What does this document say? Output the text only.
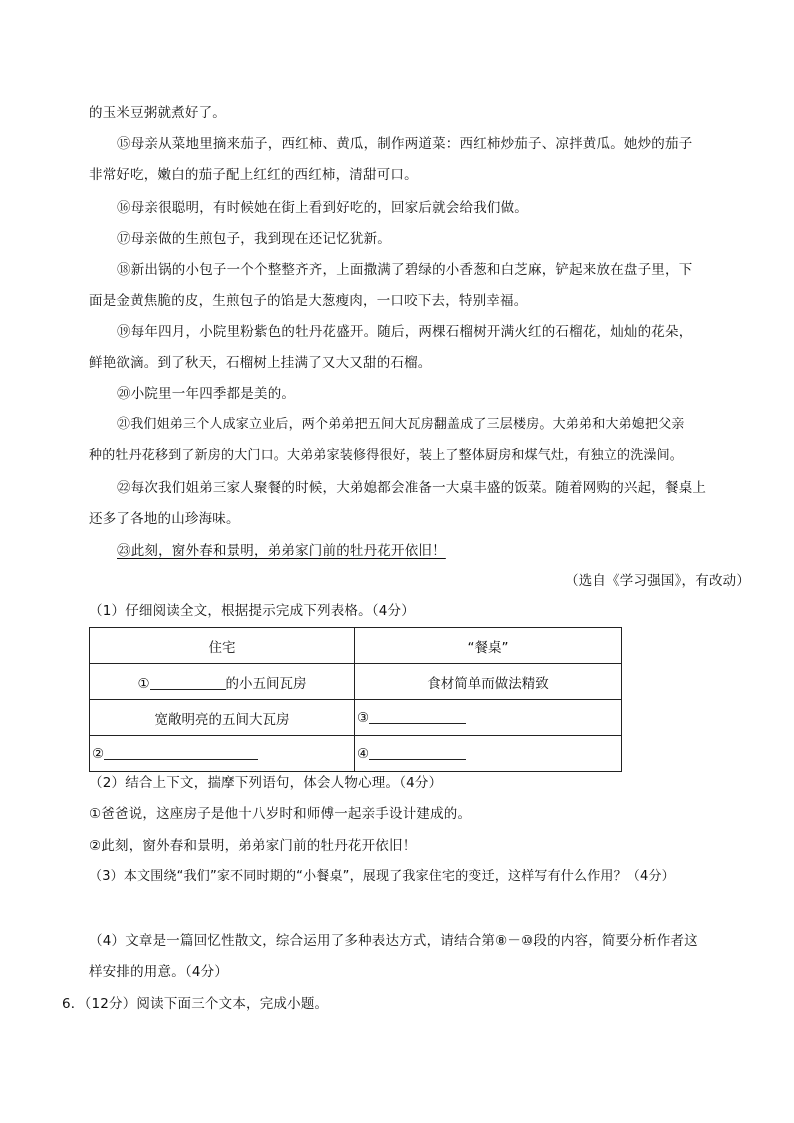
的玉米豆粥就煮好了。
⑮母亲从菜地里摘来茄子，西红柿、黄瓜，制作两道菜：西红柿炒茄子、凉拌黄瓜。她炒的茄子
非常好吃，嫩白的茄子配上红红的西红柿，清甜可口。
⑯母亲很聪明，有时候她在街上看到好吃的，回家后就会给我们做。
⑰母亲做的生煎包子，我到现在还记忆犹新。
⑱新出锅的小包子一个个整整齐齐，上面撒满了碧绿的小香葱和白芝麻，铲起来放在盘子里，下
面是金黄焦脆的皮，生煎包子的馅是大葱瘦肉，一口咬下去，特别幸福。
⑲每年四月，小院里粉紫色的牡丹花盛开。随后，两棵石榴树开满火红的石榴花，灿灿的花朵，
鲜艳欲滴。到了秋天，石榴树上挂满了又大又甜的石榴。
⑳小院里一年四季都是美的。
㉑我们姐弟三个人成家立业后，两个弟弟把五间大瓦房翻盖成了三层楼房。大弟弟和大弟媳把父亲
种的牡丹花移到了新房的大门口。大弟弟家装修得很好，装上了整体厨房和煤气灶，有独立的洗澡间。
㉒每次我们姐弟三家人聚餐的时候，大弟媳都会准备一大桌丰盛的饭菜。随着网购的兴起，餐桌上
还多了各地的山珍海味。
㉓此刻，窗外春和景明，弟弟家门前的牡丹花开依旧！
（选自《学习强国》，有改动）
（1）仔细阅读全文，根据提示完成下列表格。（4分）
住宅	“餐桌”
① 的小五间瓦房	食材简单而做法精致
宽敞明亮的五间大瓦房	③
②	④
（2）结合上下文，揣摩下列语句，体会人物心理。（4分）
①爸爸说，这座房子是他十八岁时和师傅一起亲手设计建成的。
②此刻，窗外春和景明，弟弟家门前的牡丹花开依旧！
（3）本文围绕“我们”家不同时期的“小餐桌”，展现了我家住宅的变迁，这样写有什么作用？（4分）
（4）文章是一篇回忆性散文，综合运用了多种表达方式，请结合第⑧－⑩段的内容，简要分析作者这
样安排的用意。（4分）
6．（12分）阅读下面三个文本，完成小题。
